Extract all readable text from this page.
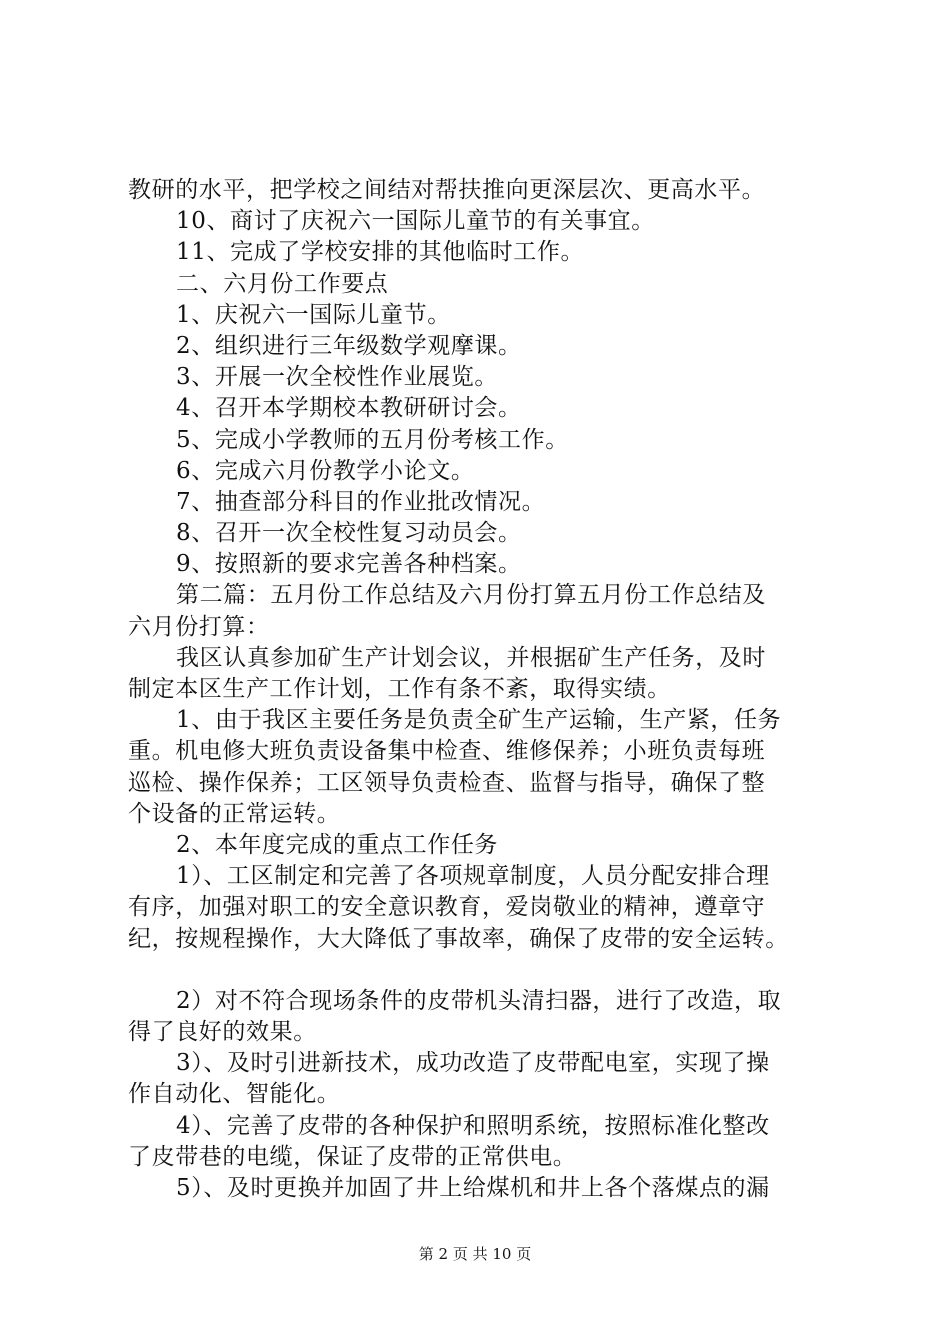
教研的水平，把学校之间结对帮扶推向更深层次、更高水平。
10、商讨了庆祝六一国际儿童节的有关事宜。
11、完成了学校安排的其他临时工作。
二、六月份工作要点
1、庆祝六一国际儿童节。
2、组织进行三年级数学观摩课。
3、开展一次全校性作业展览。
4、召开本学期校本教研研讨会。
5、完成小学教师的五月份考核工作。
6、完成六月份教学小论文。
7、抽查部分科目的作业批改情况。
8、召开一次全校性复习动员会。
9、按照新的要求完善各种档案。
第二篇：五月份工作总结及六月份打算五月份工作总结及
六月份打算：
我区认真参加矿生产计划会议，并根据矿生产任务，及时
制定本区生产工作计划，工作有条不紊，取得实绩。
1、由于我区主要任务是负责全矿生产运输，生产紧，任务
重。机电修大班负责设备集中检查、维修保养；小班负责每班
巡检、操作保养；工区领导负责检查、监督与指导，确保了整
个设备的正常运转。
2、本年度完成的重点工作任务
1）、工区制定和完善了各项规章制度，人员分配安排合理
有序，加强对职工的安全意识教育，爱岗敬业的精神，遵章守
纪，按规程操作，大大降低了事故率，确保了皮带的安全运转。
2）对不符合现场条件的皮带机头清扫器，进行了改造，取
得了良好的效果。
3）、及时引进新技术，成功改造了皮带配电室，实现了操
作自动化、智能化。
4）、完善了皮带的各种保护和照明系统，按照标准化整改
了皮带巷的电缆，保证了皮带的正常供电。
5）、及时更换并加固了井上给煤机和井上各个落煤点的漏
第 2 页 共 10 页
